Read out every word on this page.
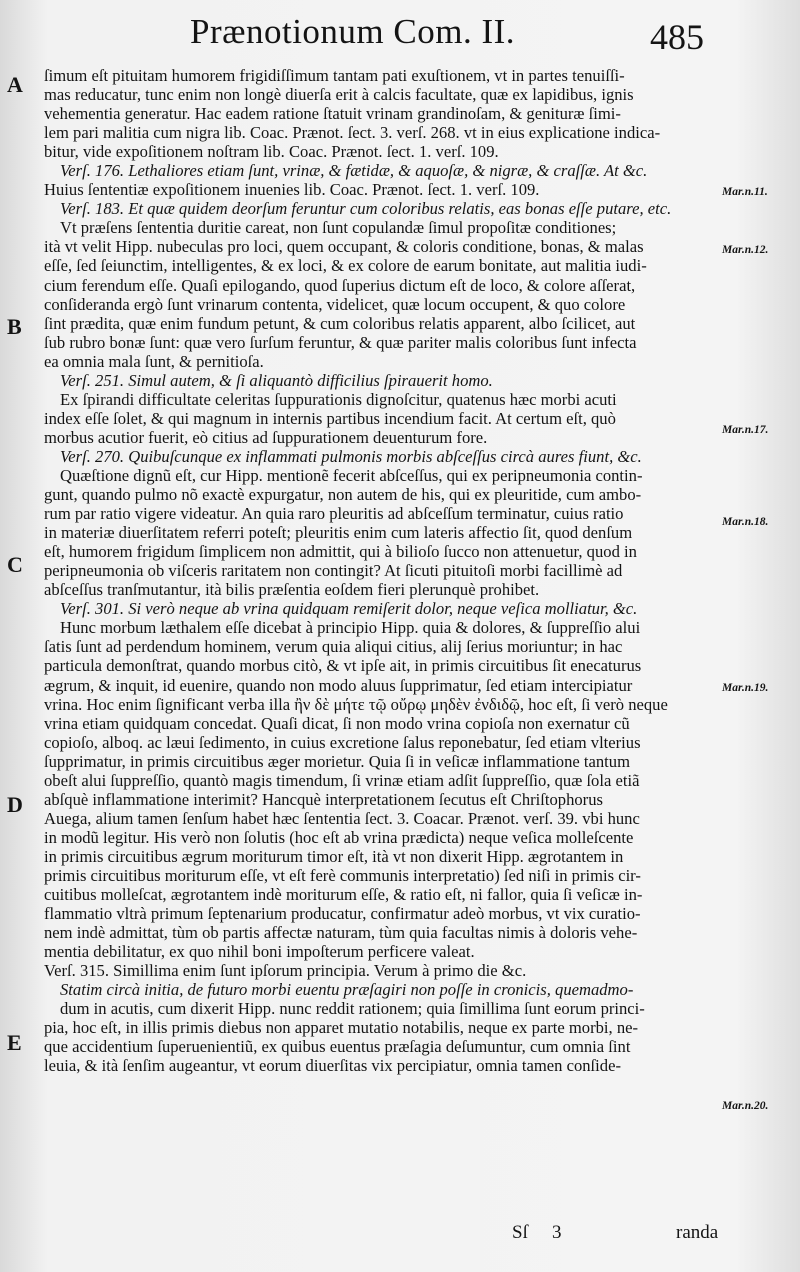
Prænotionum Com. II.	485
A
B
C
D
E
Mar.n.11.
Mar.n.12.
Mar.n.17.
Mar.n.18.
Mar.n.19.
Mar.n.20.
ſimum eſt pituitam humorem frigidiſſimum tantam pati exuſtionem, vt in partes tenuiſſi-
mas reducatur, tunc enim non longè diuerſa erit à calcis facultate, quæ ex lapidibus, ignis
vehementia generatur. Hac eadem ratione ſtatuit vrinam grandinoſam, & genituræ ſimi-
lem pari malitia cum nigra lib. Coac. Prænot. ſect. 3. verſ. 268. vt in eius explicatione indica-
bitur, vide expoſitionem noſtram lib. Coac. Prænot. ſect. 1. verſ. 109.
Verſ. 176. Lethaliores etiam ſunt, vrinæ, & fætidæ, & aquoſæ, & nigræ, & craſſæ. At &c.
Huius ſententiæ expoſitionem inuenies lib. Coac. Prænot. ſect. 1. verſ. 109.
Verſ. 183. Et quæ quidem deorſum feruntur cum coloribus relatis, eas bonas eſſe putare, etc.
Vt præſens ſententia duritie careat, non ſunt copulandæ ſimul propoſitæ conditiones;
ità vt velit Hipp. nubeculas pro loci, quem occupant, & coloris conditione, bonas, & malas
eſſe, ſed ſeiunctim, intelligentes, & ex loci, & ex colore de earum bonitate, aut malitia iudi-
cium ferendum eſſe. Quaſi epilogando, quod ſuperius dictum eſt de loco, & colore aſſerat,
conſideranda ergò ſunt vrinarum contenta, videlicet, quæ locum occupent, & quo colore
ſint prædita, quæ enim fundum petunt, & cum coloribus relatis apparent, albo ſcilicet, aut
ſub rubro bonæ ſunt: quæ vero ſurſum feruntur, & quæ pariter malis coloribus ſunt infecta
ea omnia mala ſunt, & pernitioſa.
Verſ. 251. Simul autem, & ſi aliquantò difficilius ſpirauerit homo.
Ex ſpirandi difficultate celeritas ſuppurationis dignoſcitur, quatenus hæc morbi acuti
index eſſe ſolet, & qui magnum in internis partibus incendium facit. At certum eſt, quò
morbus acutior fuerit, eò citius ad ſuppurationem deuenturum fore.
Verſ. 270. Quibuſcunque ex inflammati pulmonis morbis abſceſſus circà aures fiunt, &c.
Quæſtione dignũ eſt, cur Hipp. mentionẽ fecerit abſceſſus, qui ex peripneumonia contin-
gunt, quando pulmo nõ exactè expurgatur, non autem de his, qui ex pleuritide, cum ambo-
rum par ratio vigere videatur. An quia raro pleuritis ad abſceſſum terminatur, cuius ratio
in materiæ diuerſitatem referri poteſt; pleuritis enim cum lateris affectio ſit, quod denſum
eſt, humorem frigidum ſimplicem non admittit, qui à bilioſo ſucco non attenuetur, quod in
peripneumonia ob viſceris raritatem non contingit? At ſicuti pituitoſi morbi facillimè ad
abſceſſus tranſmutantur, ità bilis præſentia eoſdem fieri plerunquè prohibet.
Verſ. 301. Si verò neque ab vrina quidquam remiſerit dolor, neque veſica molliatur, &c.
Hunc morbum læthalem eſſe dicebat à principio Hipp. quia & dolores, & ſuppreſſio alui
ſatis ſunt ad perdendum hominem, verum quia aliqui citius, alij ſerius moriuntur; in hac
particula demonſtrat, quando morbus citò, & vt ipſe ait, in primis circuitibus ſit enecaturus
ægrum, & inquit, id euenire, quando non modo aluus ſupprimatur, ſed etiam intercipiatur
vrina. Hoc enim ſignificant verba illa ἢν δὲ μήτε τῷ οὔρῳ μηδὲν ἐνδιδῷ, hoc eſt, ſi verò neque
vrina etiam quidquam concedat. Quaſi dicat, ſi non modo vrina copioſa non exernatur cũ
copioſo, alboq. ac læui ſedimento, in cuius excretione ſalus reponebatur, ſed etiam vlterius
ſupprimatur, in primis circuitibus æger morietur. Quia ſi in veſicæ inflammatione tantum
obeſt alui ſuppreſſio, quantò magis timendum, ſi vrinæ etiam adſit ſuppreſſio, quæ ſola etiã
abſquè inflammatione interimit? Hancquè interpretationem ſecutus eſt Chriſtophorus
Auega, alium tamen ſenſum habet hæc ſententia ſect. 3. Coacar. Prænot. verſ. 39. vbi hunc
in modũ legitur. His verò non ſolutis (hoc eſt ab vrina prædicta) neque veſica molleſcente
in primis circuitibus ægrum moriturum timor eſt, ità vt non dixerit Hipp. ægrotantem in
primis circuitibus moriturum eſſe, vt eſt ferè communis interpretatio) ſed niſi in primis cir-
cuitibus molleſcat, ægrotantem indè moriturum eſſe, & ratio eſt, ni fallor, quia ſi veſicæ in-
flammatio vltrà primum ſeptenarium producatur, confirmatur adeò morbus, vt vix curatio-
nem indè admittat, tùm ob partis affectæ naturam, tùm quia facultas nimis à doloris vehe-
mentia debilitatur, ex quo nihil boni impoſterum perficere valeat.
Verſ. 315. Simillima enim ſunt ipſorum principia. Verum à primo die &c.
Statim circà initia, de futuro morbi euentu præſagiri non poſſe in cronicis, quemadmo-
dum in acutis, cum dixerit Hipp. nunc reddit rationem; quia ſimillima ſunt eorum princi-
pia, hoc eſt, in illis primis diebus non apparet mutatio notabilis, neque ex parte morbi, ne-
que accidentium ſuperuenientiũ, ex quibus euentus præſagia deſumuntur, cum omnia ſint
leuia, & ità ſenſim augeantur, vt eorum diuerſitas vix percipiatur, omnia tamen conſide-
Sſ 3	randa
